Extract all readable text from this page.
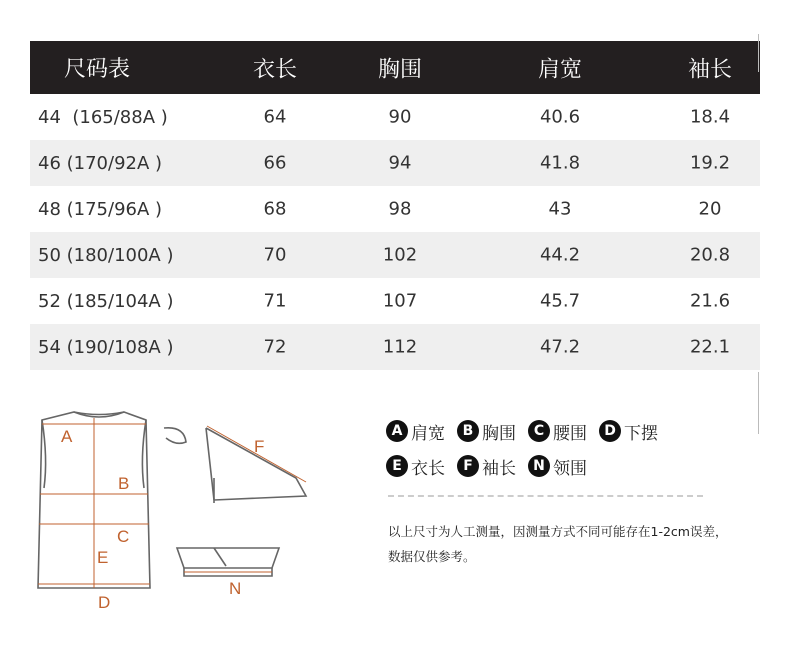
尺码表	衣长	胸围	肩宽	袖长
44  (165/88A )	64	90	40.6	18.4
46 (170/92A )	66	94	41.8	19.2
48 (175/96A )	68	98	43	20
50 (180/100A )	70	102	44.2	20.8
52 (185/104A )	71	107	45.7	21.6
54 (190/108A )	72	112	47.2	22.1
A
B
C
E
D
F
N
A 肩宽	B 胸围	C 腰围	D 下摆
E 衣长	F 袖长	N 领围
以上尺寸为人工测量，因测量方式不同可能存在1-2cm误差，
数据仅供参考。
